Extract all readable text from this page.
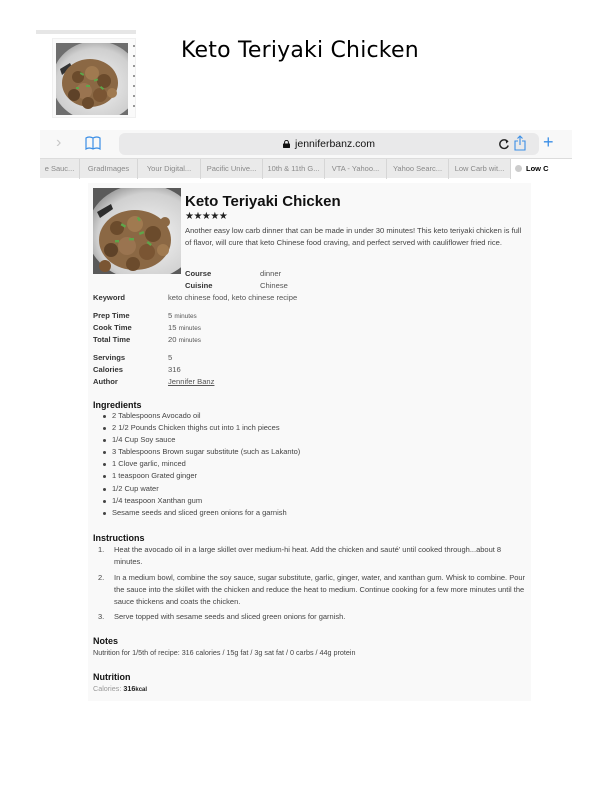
Keto Teriyaki Chicken
›	jenniferbanz.com	+
e Sauc...	GradImages	Your Digital...	Pacific Unive...	10th & 11th G...	VTA - Yahoo...	Yahoo Searc...	Low Carb wit...	Low C
Keto Teriyaki Chicken
★★★★★
Another easy low carb dinner that can be made in under 30 minutes! This keto teriyaki chicken is full of flavor, will cure that keto Chinese food craving, and perfect served with cauliflower fried rice.
Course	dinner
Cuisine	Chinese
Keyword	keto chinese food, keto chinese recipe
Prep Time	5 minutes
Cook Time	15 minutes
Total Time	20 minutes
Servings	5
Calories	316
Author	Jennifer Banz
Ingredients
2 Tablespoons Avocado oil
2 1/2 Pounds Chicken thighs cut into 1 inch pieces
1/4 Cup Soy sauce
3 Tablespoons Brown sugar substitute (such as Lakanto)
1 Clove garlic, minced
1 teaspoon Grated ginger
1/2 Cup water
1/4 teaspoon Xanthan gum
Sesame seeds and sliced green onions for a garnish
Instructions
1. Heat the avocado oil in a large skillet over medium-hi heat. Add the chicken and sauté' until cooked through...about 8 minutes.
2. In a medium bowl, combine the soy sauce, sugar substitute, garlic, ginger, water, and xanthan gum. Whisk to combine. Pour the sauce into the skillet with the chicken and reduce the heat to medium. Continue cooking for a few more minutes until the sauce thickens and coats the chicken.
3. Serve topped with sesame seeds and sliced green onions for garnish.
Notes
Nutrition for 1/5th of recipe: 316 calories / 15g fat / 3g sat fat / 0 carbs / 44g protein
Nutrition
Calories: 316kcal
